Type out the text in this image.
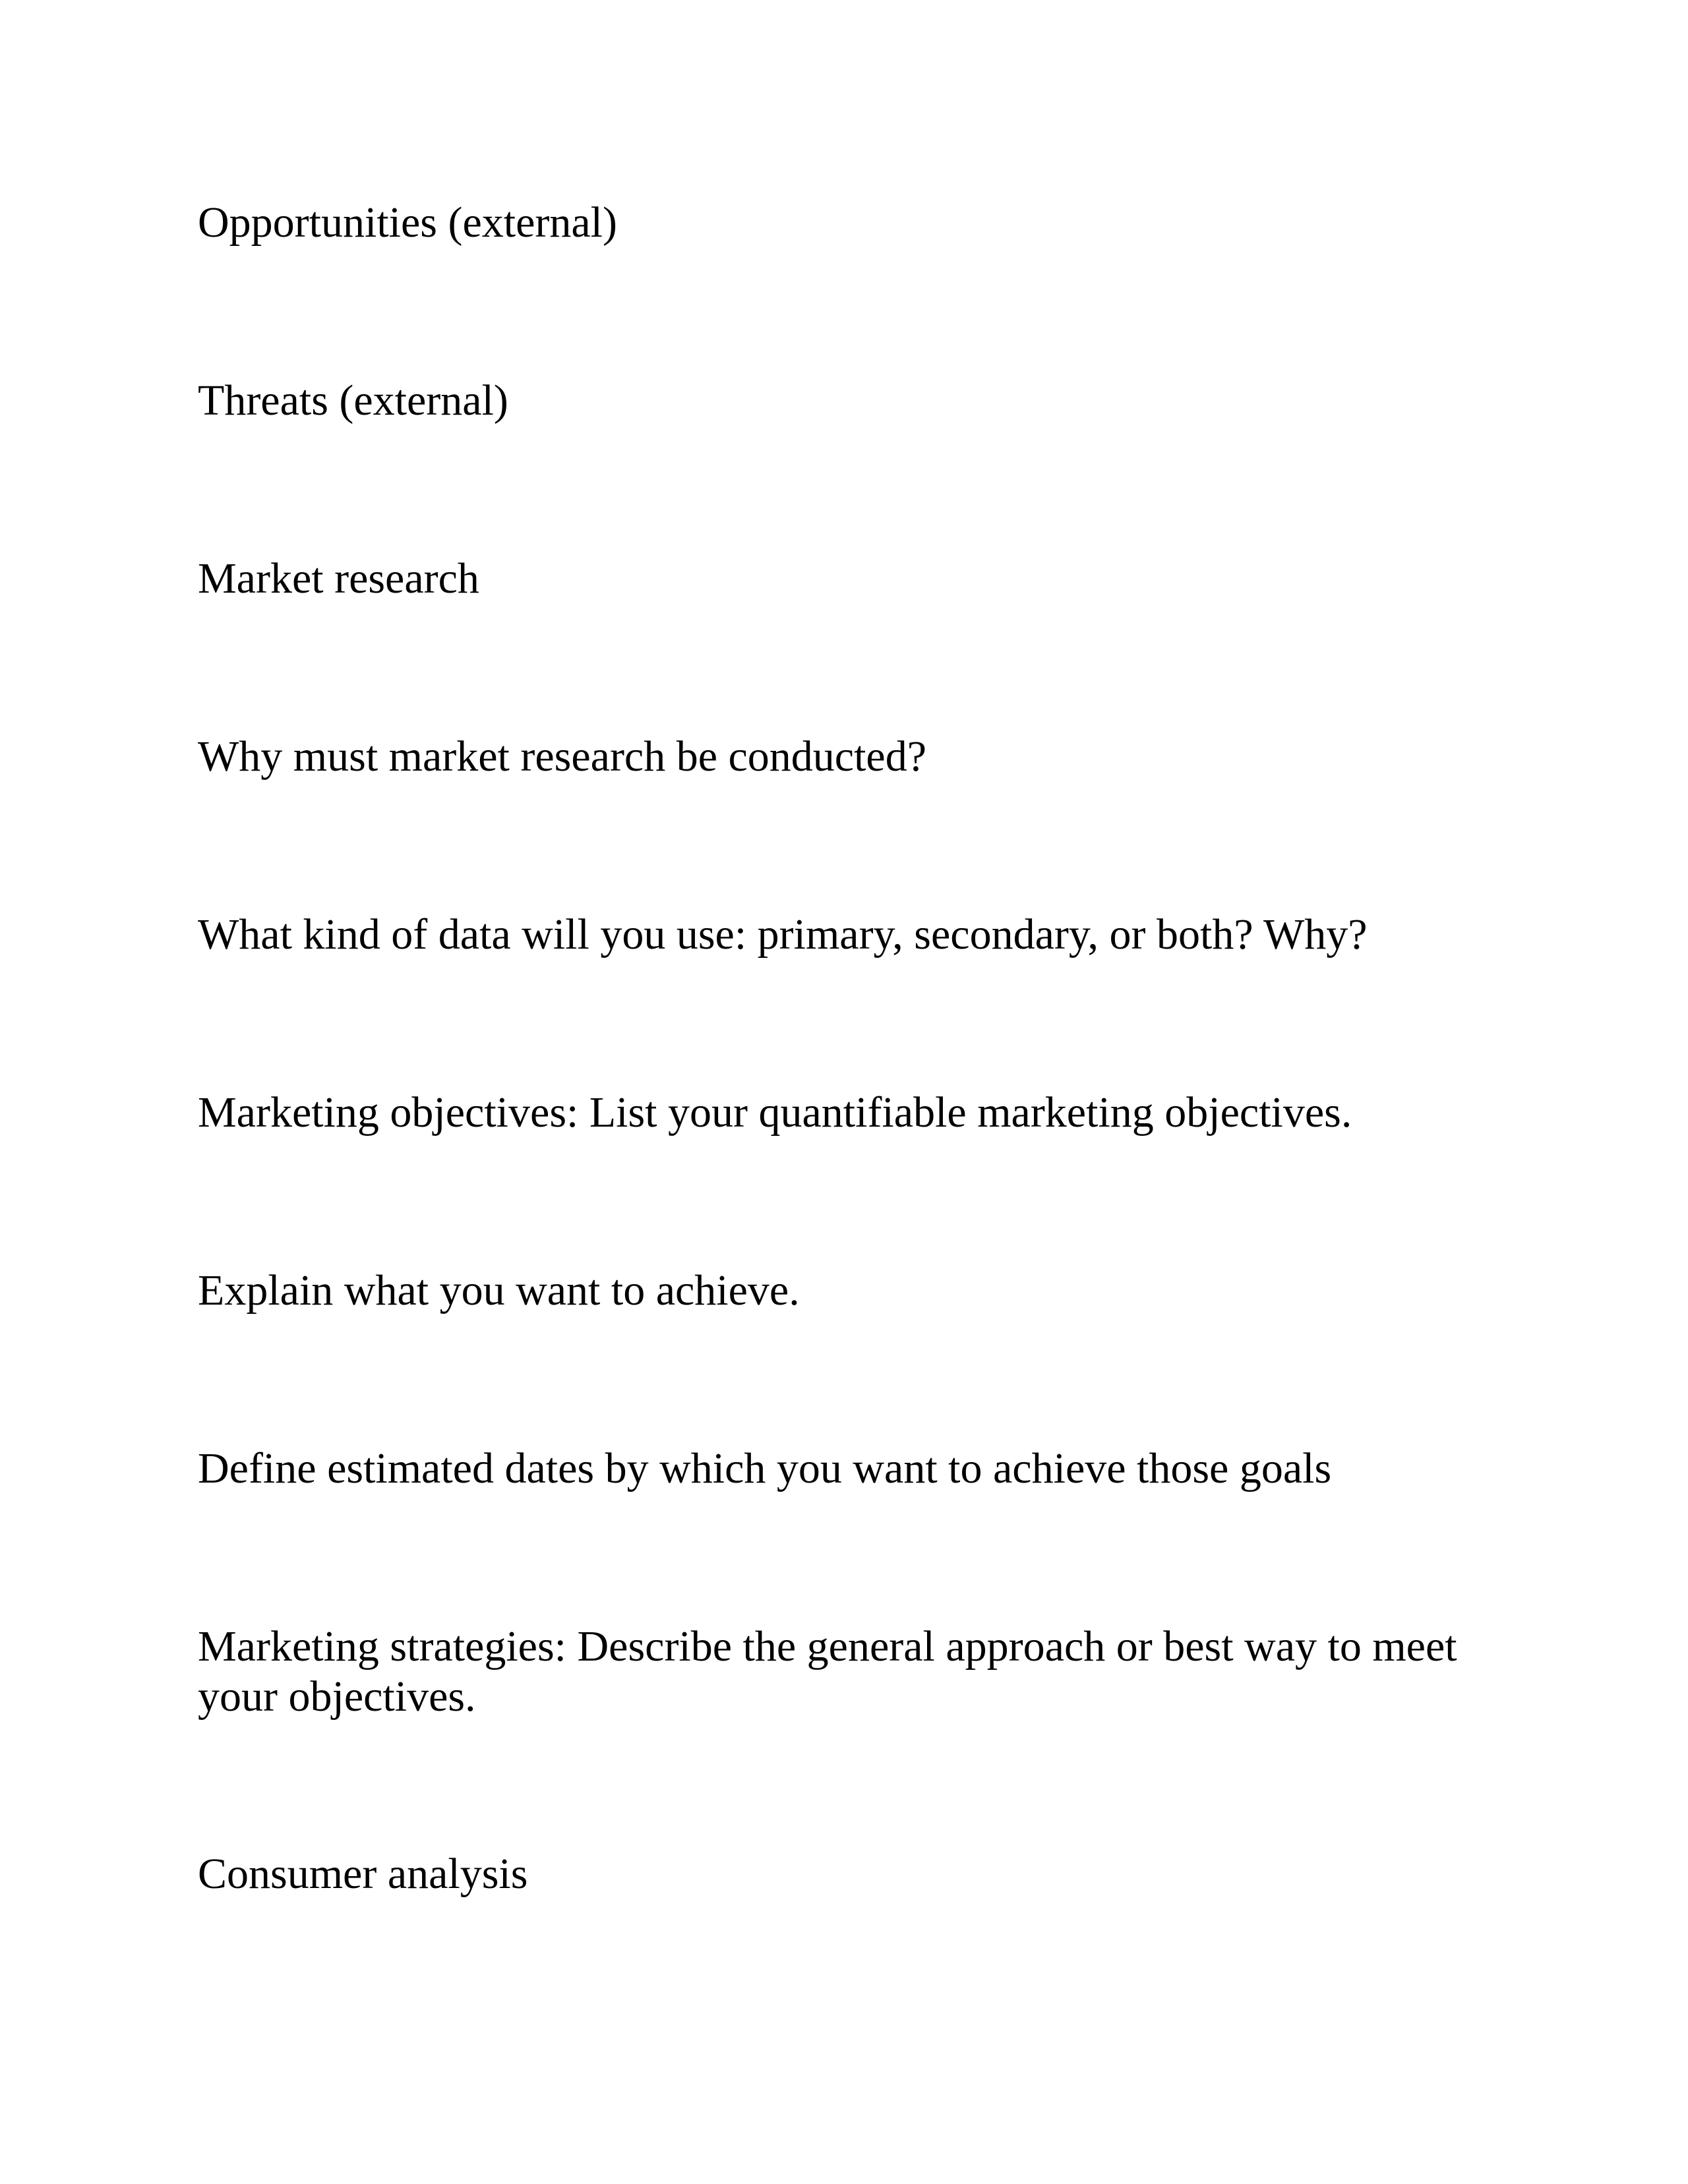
Opportunities (external)

Threats (external)

Market research

Why must market research be conducted?

What kind of data will you use: primary, secondary, or both? Why?

Marketing objectives: List your quantifiable marketing objectives.

Explain what you want to achieve.

Define estimated dates by which you want to achieve those goals

Marketing strategies: Describe the general approach or best way to meet your objectives.

Consumer analysis
